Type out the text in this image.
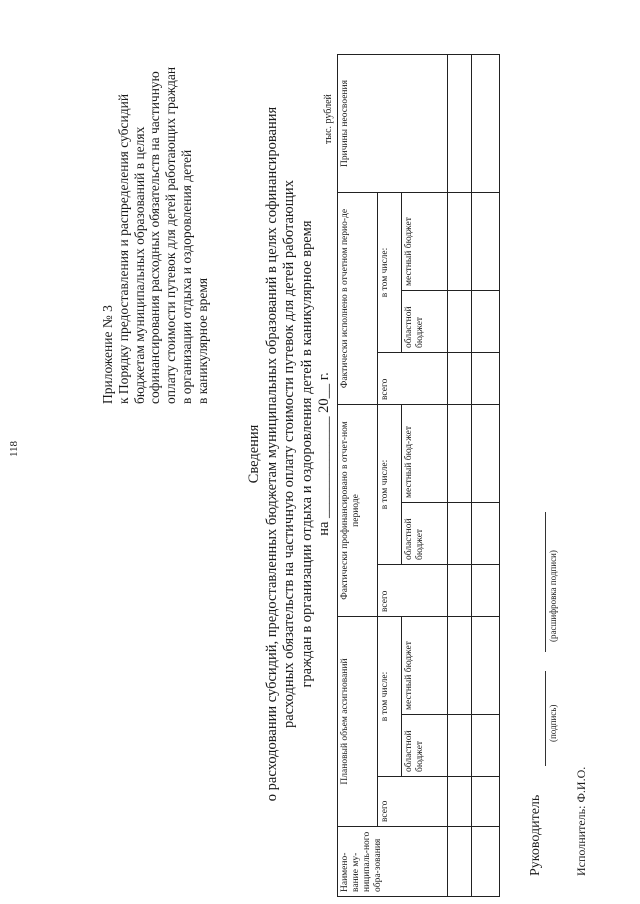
118
Приложение № 3 к Порядку предоставления и распределения субсидий бюджетам муниципальных образований в целях софинансирования расходных обязательств на частичную оплату стоимости путевок для детей работающих граждан в организации отдыха и оздоровления детей в каникулярное время
Сведения о расходовании субсидий, предоставленных бюджетам муниципальных образований в целях софинансирования расходных обязательств на частичную оплату стоимости путевок для детей работающих граждан в организации отдыха и оздоровления детей в каникулярное время на ______________ 20__ г.
тыс. рублей
Наимено-вание му-ниципаль-ного обра-зования	Плановый объем ассигнований			Фактически профинансировано в отчет-ном периоде			Фактически исполнено в отчетном перио-де			Причины неосвоения
	всего	в том числе:		всего	в том числе:		всего	в том числе:		
		областной бюджет	местный бюджет		областной бюджет	местный бюд-жет		областной бюджет	местный бюджет	

Руководитель
(подпись)
(расшифровка подписи)
Исполнитель: Ф.И.О.
